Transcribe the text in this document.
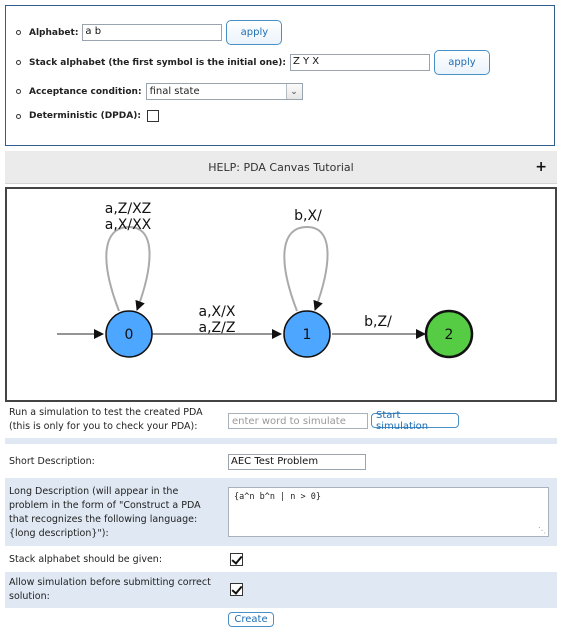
Alphabet: a b	apply
Stack alphabet (the first symbol is the initial one): Z Y X	apply
Acceptance condition: final state	⌄
Deterministic (DPDA):
HELP: PDA Canvas Tutorial	+
0	1	2
a,Z/XZ
a,X/XX
a,X/X
a,Z/Z
b,X/
b,Z/
Run a simulation to test the created PDA
(this is only for you to check your PDA):	enter word to simulate
Start simulation
Short Description:	AEC Test Problem
Long Description (will appear in the
problem in the form of "Construct a PDA
that recognizes the following language:
{long description}"):
{a^n b^n | n > 0}
⋱
Stack alphabet should be given:
Allow simulation before submitting correct
solution:
Create
